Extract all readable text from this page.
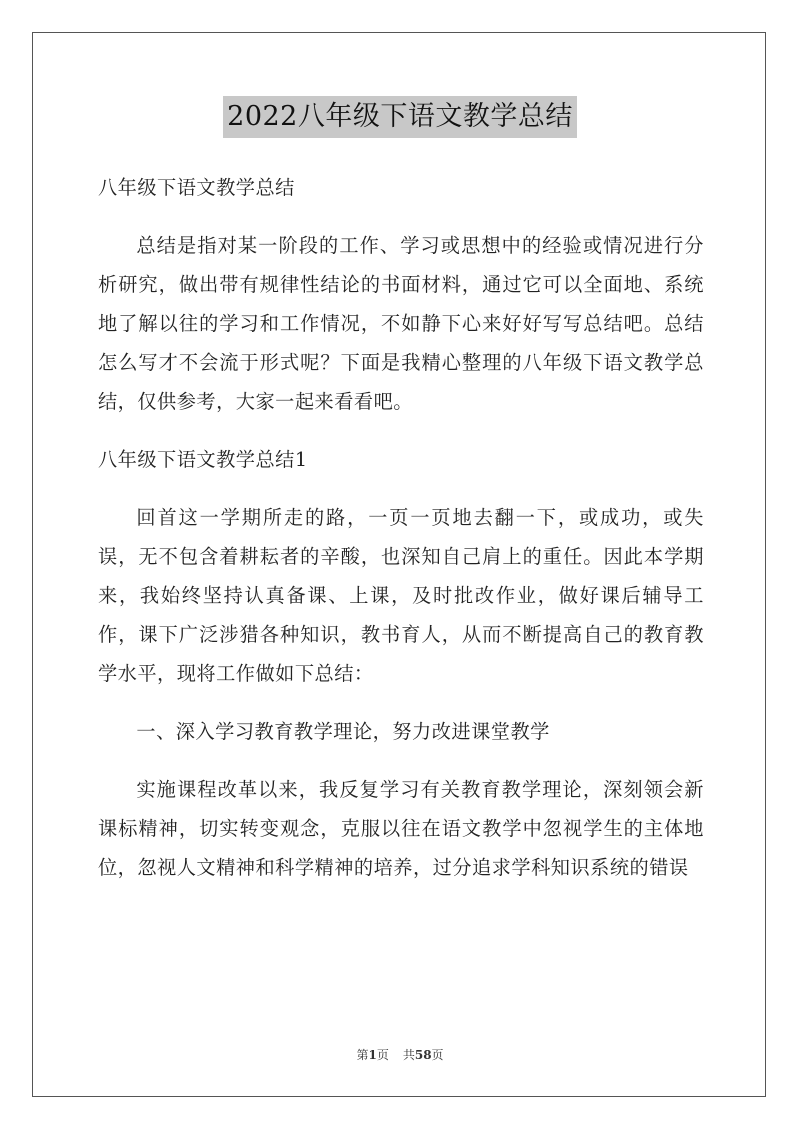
2022八年级下语文教学总结

八年级下语文教学总结

总结是指对某一阶段的工作、学习或思想中的经验或情况进行分析研究，做出带有规律性结论的书面材料，通过它可以全面地、系统地了解以往的学习和工作情况，不如静下心来好好写写总结吧。总结怎么写才不会流于形式呢？下面是我精心整理的八年级下语文教学总结，仅供参考，大家一起来看看吧。

八年级下语文教学总结1

回首这一学期所走的路，一页一页地去翻一下，或成功，或失误，无不包含着耕耘者的辛酸，也深知自己肩上的重任。因此本学期来，我始终坚持认真备课、上课，及时批改作业，做好课后辅导工作，课下广泛涉猎各种知识，教书育人，从而不断提高自己的教育教学水平，现将工作做如下总结：

一、深入学习教育教学理论，努力改进课堂教学

实施课程改革以来，我反复学习有关教育教学理论，深刻领会新课标精神，切实转变观念，克服以往在语文教学中忽视学生的主体地位，忽视人文精神和科学精神的培养，过分追求学科知识系统的错误

第1页 共58页
